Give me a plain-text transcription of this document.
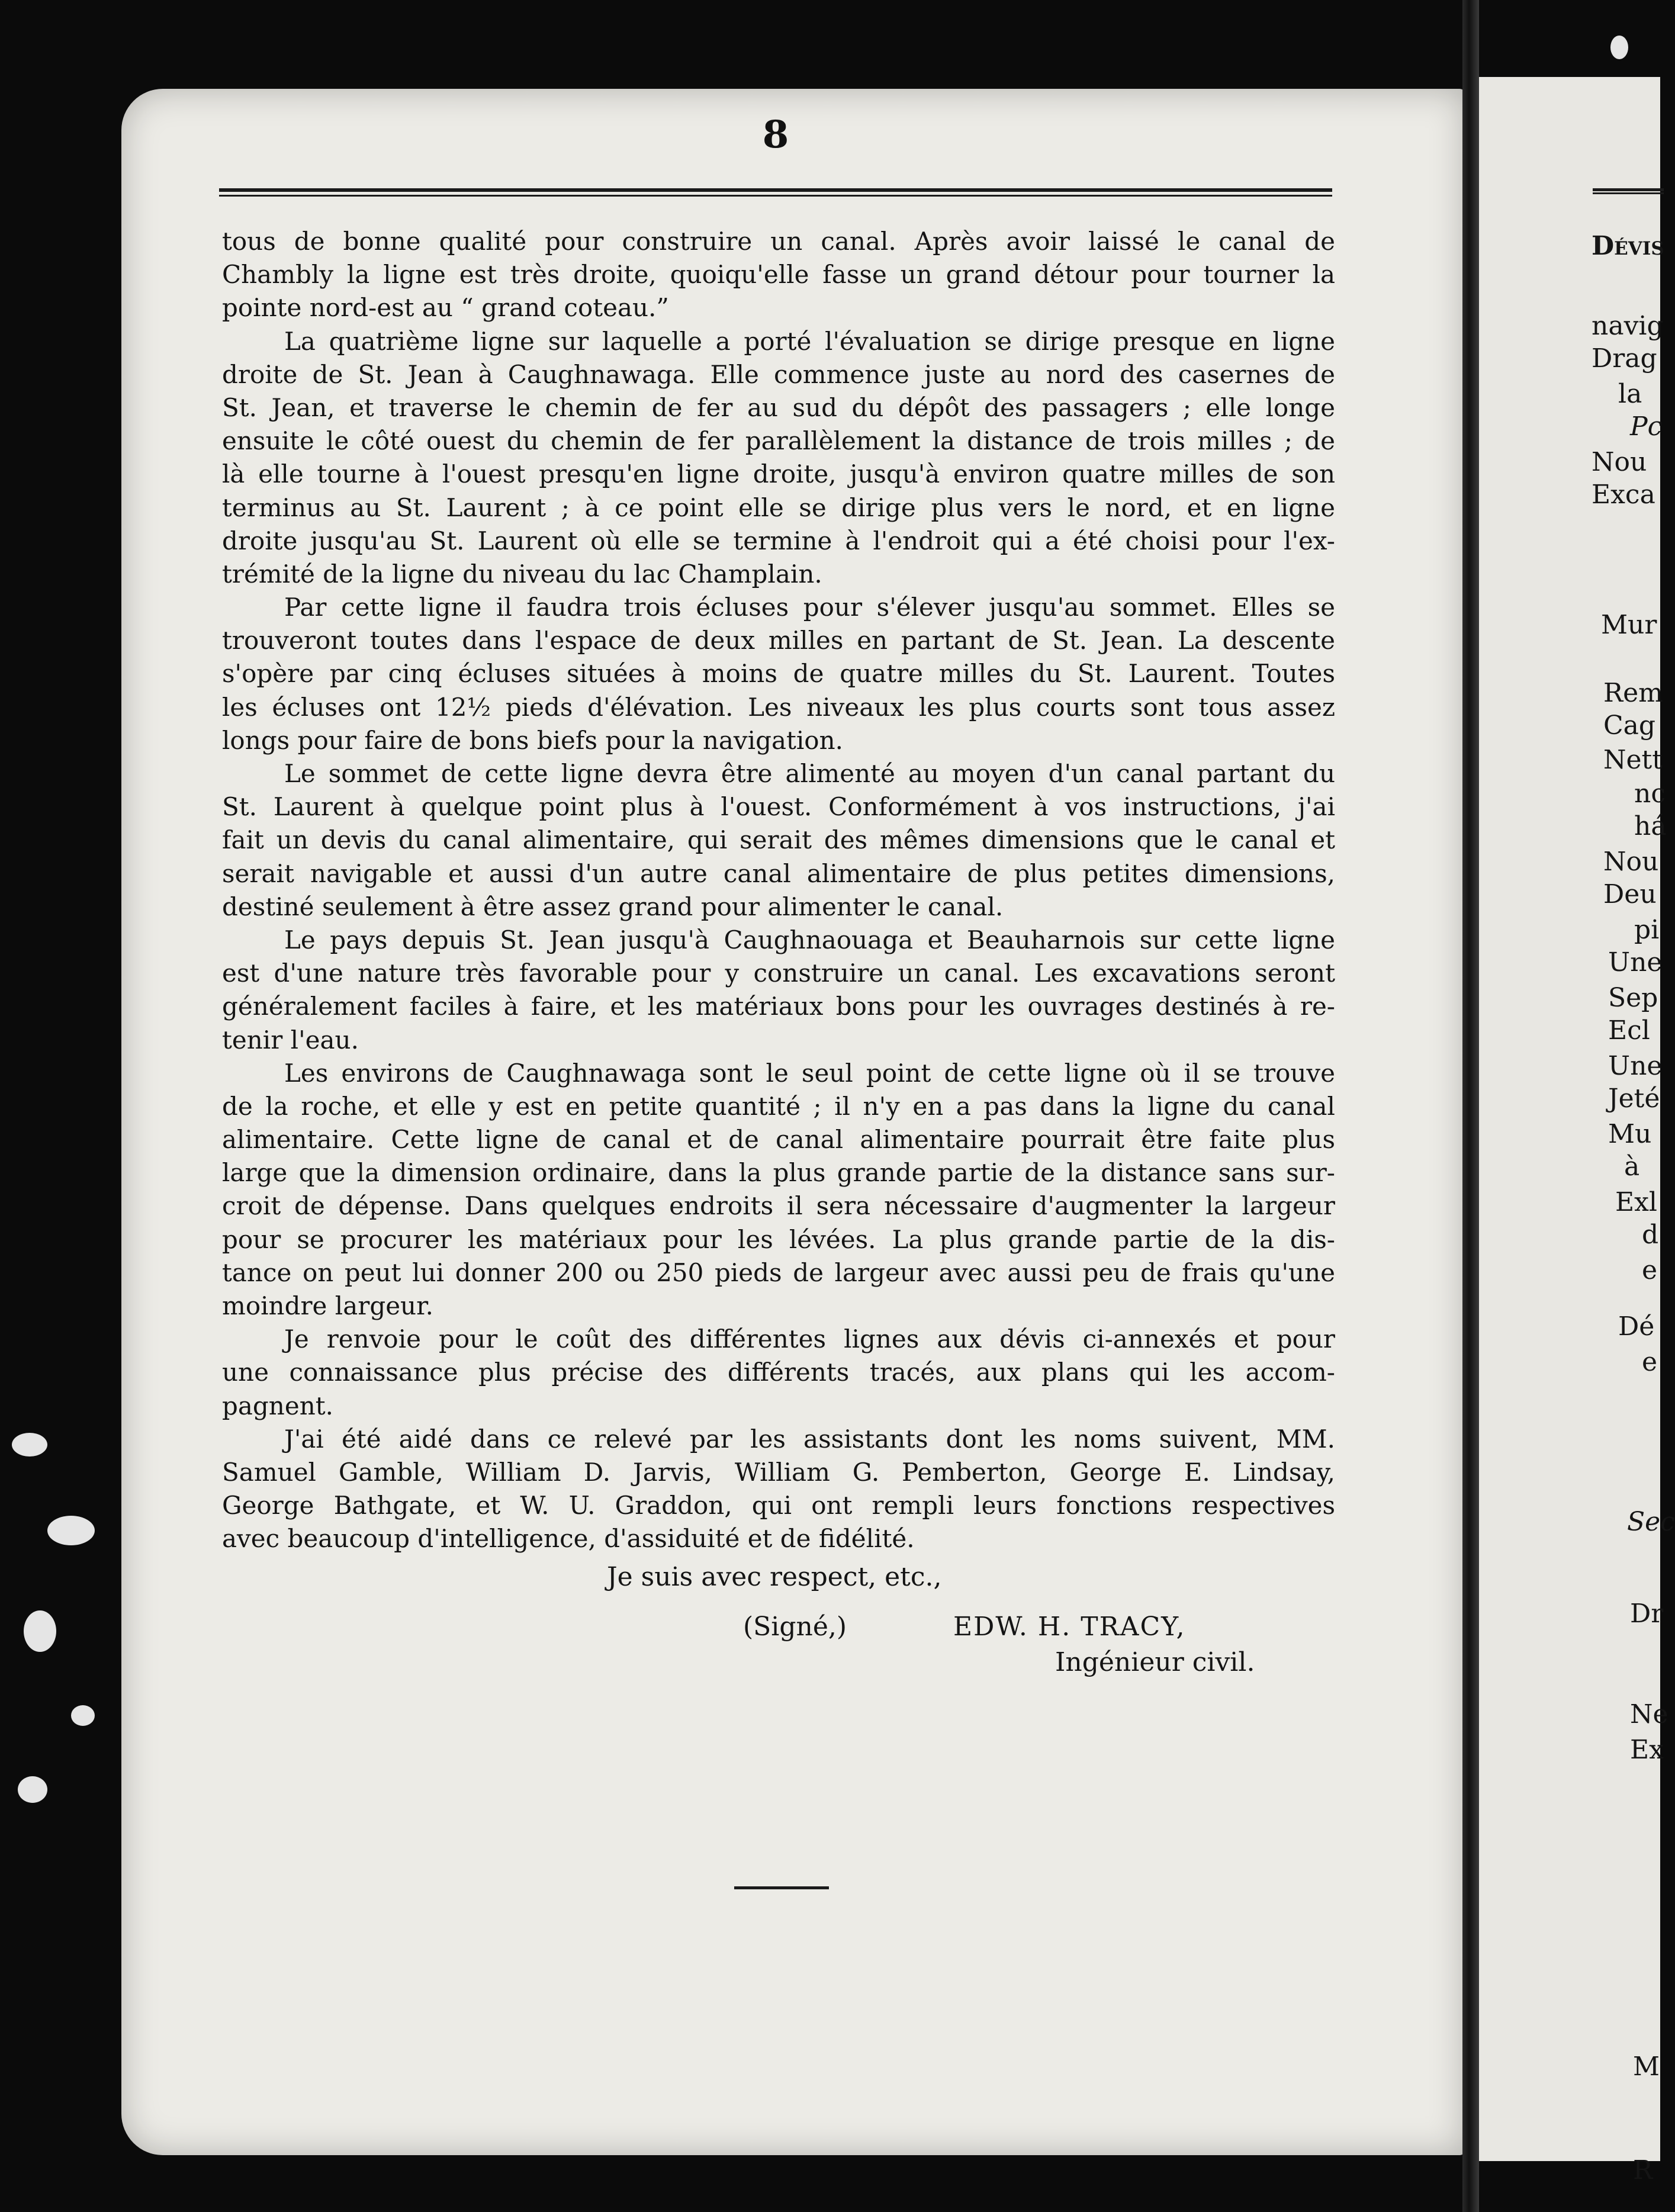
8
tous de bonne qualité pour construire un canal. Après avoir laissé le canal de
Chambly la ligne est très droite, quoiqu'elle fasse un grand détour pour tourner la
pointe nord-est au “ grand coteau.”
La quatrième ligne sur laquelle a porté l'évaluation se dirige presque en ligne
droite de St. Jean à Caughnawaga. Elle commence juste au nord des casernes de
St. Jean, et traverse le chemin de fer au sud du dépôt des passagers ; elle longe
ensuite le côté ouest du chemin de fer parallèlement la distance de trois milles ; de
là elle tourne à l'ouest presqu'en ligne droite, jusqu'à environ quatre milles de son
terminus au St. Laurent ; à ce point elle se dirige plus vers le nord, et en ligne
droite jusqu'au St. Laurent où elle se termine à l'endroit qui a été choisi pour l'ex-
trémité de la ligne du niveau du lac Champlain.
Par cette ligne il faudra trois écluses pour s'élever jusqu'au sommet. Elles se
trouveront toutes dans l'espace de deux milles en partant de St. Jean. La descente
s'opère par cinq écluses situées à moins de quatre milles du St. Laurent. Toutes
les écluses ont 12½ pieds d'élévation. Les niveaux les plus courts sont tous assez
longs pour faire de bons biefs pour la navigation.
Le sommet de cette ligne devra être alimenté au moyen d'un canal partant du
St. Laurent à quelque point plus à l'ouest. Conformément à vos instructions, j'ai
fait un devis du canal alimentaire, qui serait des mêmes dimensions que le canal et
serait navigable et aussi d'un autre canal alimentaire de plus petites dimensions,
destiné seulement à être assez grand pour alimenter le canal.
Le pays depuis St. Jean jusqu'à Caughnaouaga et Beauharnois sur cette ligne
est d'une nature très favorable pour y construire un canal. Les excavations seront
généralement faciles à faire, et les matériaux bons pour les ouvrages destinés à re-
tenir l'eau.
Les environs de Caughnawaga sont le seul point de cette ligne où il se trouve
de la roche, et elle y est en petite quantité ; il n'y en a pas dans la ligne du canal
alimentaire. Cette ligne de canal et de canal alimentaire pourrait être faite plus
large que la dimension ordinaire, dans la plus grande partie de la distance sans sur-
croit de dépense. Dans quelques endroits il sera nécessaire d'augmenter la largeur
pour se procurer les matériaux pour les lévées. La plus grande partie de la dis-
tance on peut lui donner 200 ou 250 pieds de largeur avec aussi peu de frais qu'une
moindre largeur.
Je renvoie pour le coût des différentes lignes aux dévis ci-annexés et pour
une connaissance plus précise des différents tracés, aux plans qui les accom-
pagnent.
J'ai été aidé dans ce relevé par les assistants dont les noms suivent, MM.
Samuel Gamble, William D. Jarvis, William G. Pemberton, George E. Lindsay,
George Bathgate, et W. U. Graddon, qui ont rempli leurs fonctions respectives
avec beaucoup d'intelligence, d'assiduité et de fidélité.
Je suis avec respect, etc.,
(Signé,)	EDW. H. TRACY,
Ingénieur civil.
Dévis
navig
Drag
la
Pc
Nou
Exca
Mur
Rem
Cag
Nett
nc
há
Nou
Deu
pi
Une
Sep
Ecl
Une
Jeté
Mu
à
Exl
d
e
Dé
e
Sec
Dr
Ne
Ex
M
R
